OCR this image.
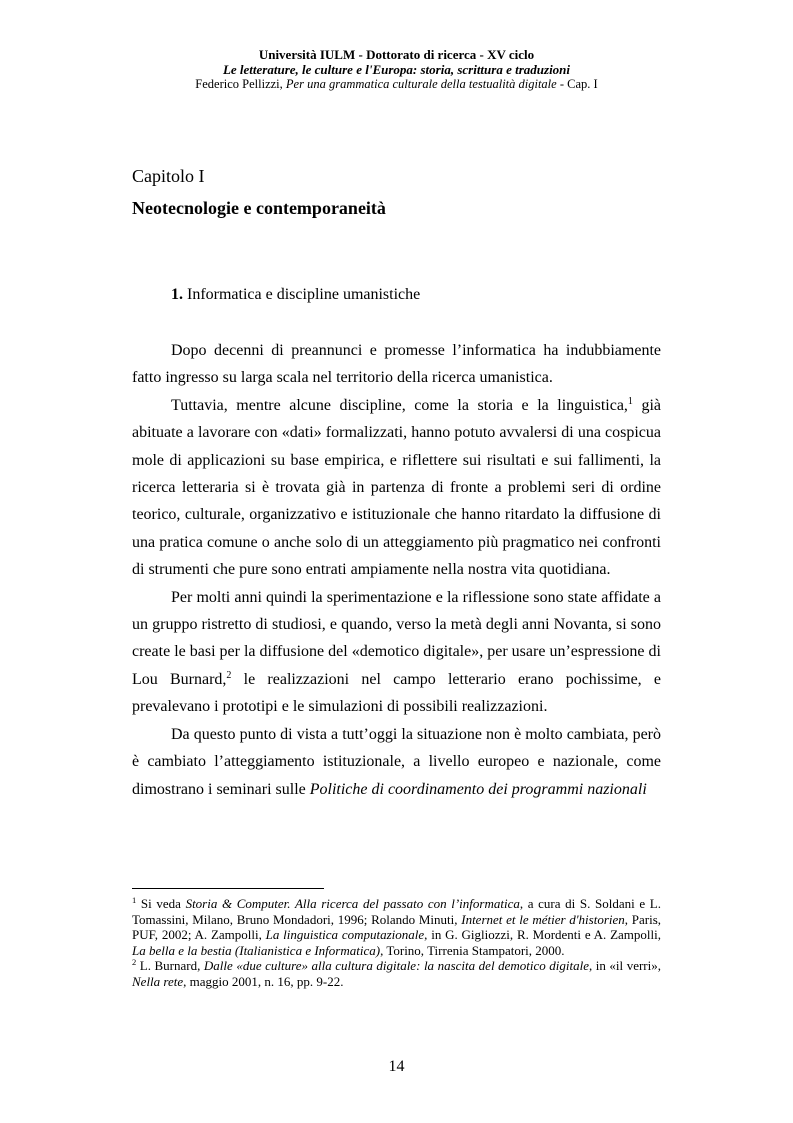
Università IULM - Dottorato di ricerca - XV ciclo
Le letterature, le culture e l'Europa: storia, scrittura e traduzioni
Federico Pellizzi, Per una grammatica culturale della testualità digitale - Cap. I
Capitolo I
Neotecnologie e contemporaneità
1. Informatica e discipline umanistiche

Dopo decenni di preannunci e promesse l’informatica ha indubbiamente fatto ingresso su larga scala nel territorio della ricerca umanistica.

Tuttavia, mentre alcune discipline, come la storia e la linguistica,$^1$ già abituate a lavorare con «dati» formalizzati, hanno potuto avvalersi di una cospicua mole di applicazioni su base empirica, e riflettere sui risultati e sui fallimenti, la ricerca letteraria si è trovata già in partenza di fronte a problemi seri di ordine teorico, culturale, organizzativo e istituzionale che hanno ritardato la diffusione di una pratica comune o anche solo di un atteggiamento più pragmatico nei confronti di strumenti che pure sono entrati ampiamente nella nostra vita quotidiana.

Per molti anni quindi la sperimentazione e la riflessione sono state affidate a un gruppo ristretto di studiosi, e quando, verso la metà degli anni Novanta, si sono create le basi per la diffusione del «demotico digitale», per usare un’espressione di Lou Burnard,$^2$ le realizzazioni nel campo letterario erano pochissime, e prevalevano i prototipi e le simulazioni di possibili realizzazioni.

Da questo punto di vista a tutt’oggi la situazione non è molto cambiata, però è cambiato l’atteggiamento istituzionale, a livello europeo e nazionale, come dimostrano i seminari sulle Politiche di coordinamento dei programmi nazionali

$^1$ Si veda Storia & Computer. Alla ricerca del passato con l’informatica, a cura di S. Soldani e L. Tomassini, Milano, Bruno Mondadori, 1996; Rolando Minuti, Internet et le métier d'historien, Paris, PUF, 2002; A. Zampolli, La linguistica computazionale, in G. Gigliozzi, R. Mordenti e A. Zampolli, La bella e la bestia (Italianistica e Informatica), Torino, Tirrenia Stampatori, 2000.

$^2$ L. Burnard, Dalle «due culture» alla cultura digitale: la nascita del demotico digitale, in «il verri», Nella rete, maggio 2001, n. 16, pp. 9-22.

14
